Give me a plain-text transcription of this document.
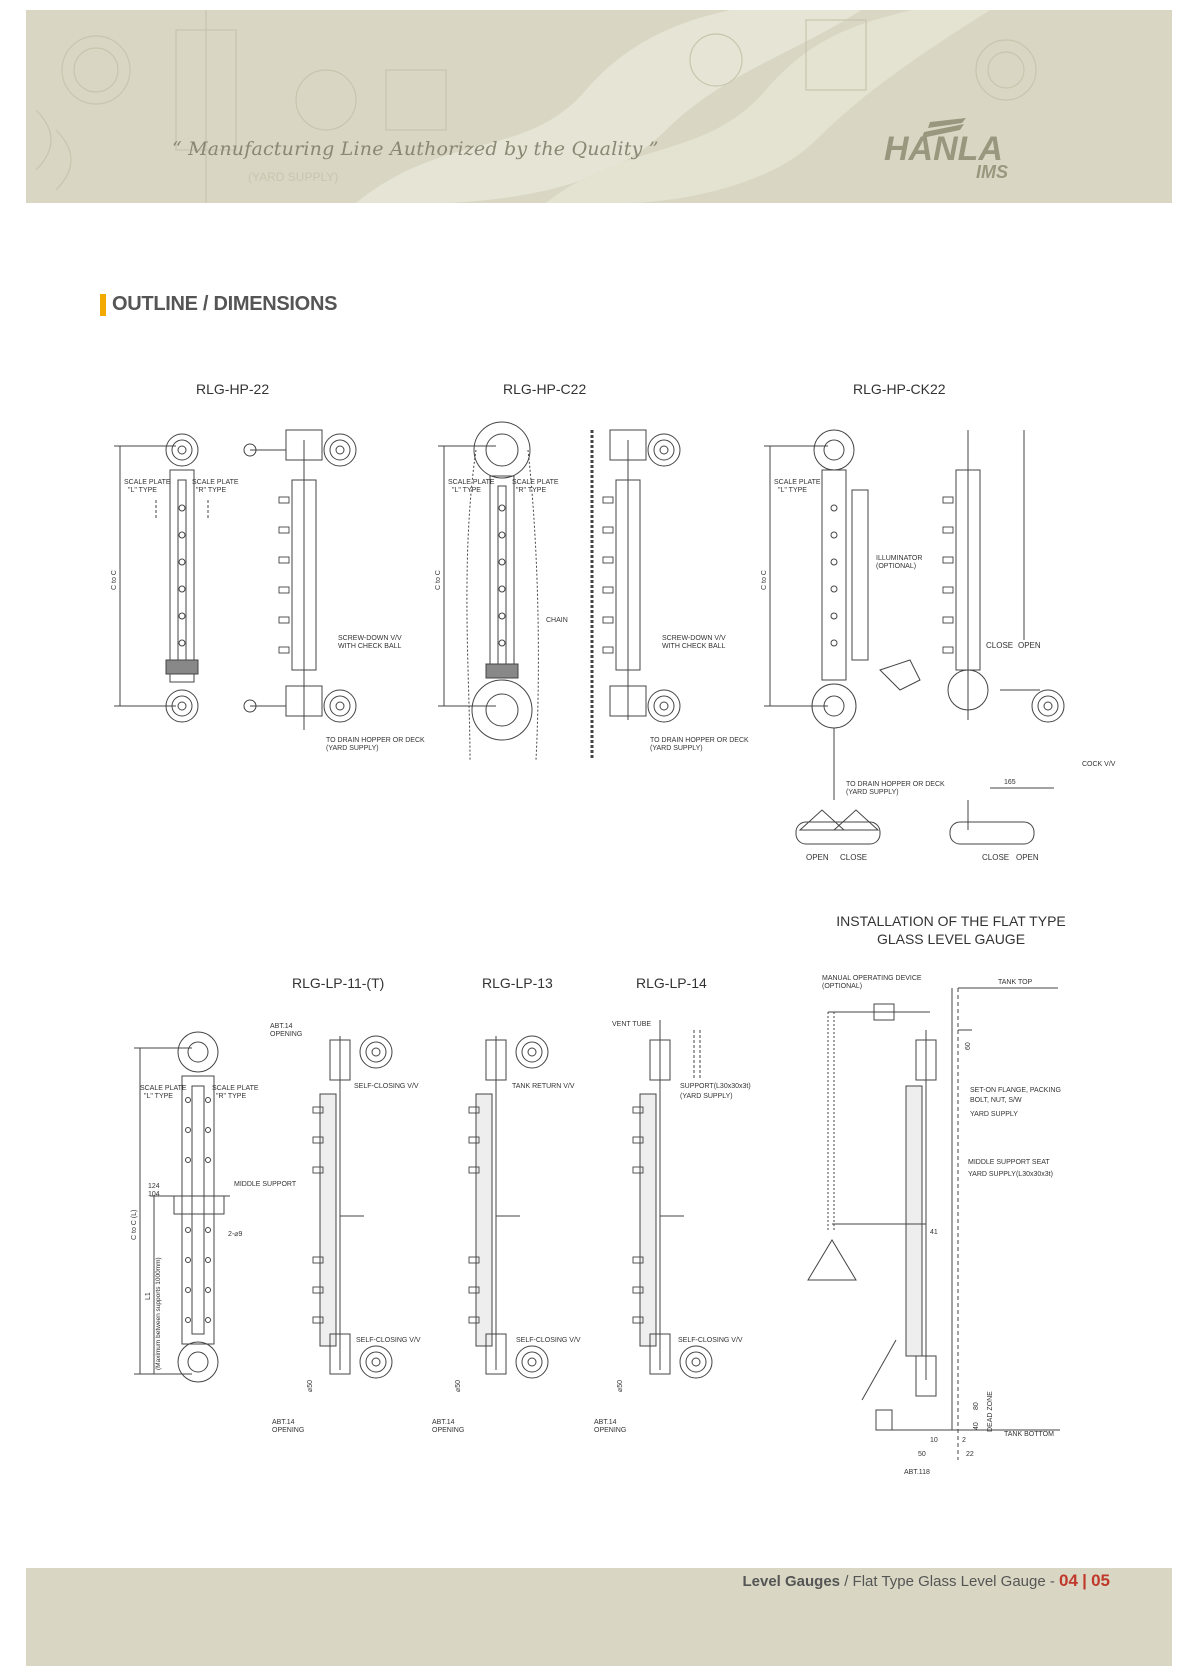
“ Manufacturing Line Authorized by the Quality ”
(YARD SUPPLY)
HANLA
IMS
OUTLINE / DIMENSIONS
RLG-HP-22	RLG-HP-C22	RLG-HP-CK22
SCALE PLATE
"L" TYPE
SCALE PLATE
"R" TYPE
C to C
SCREW-DOWN V/V
WITH CHECK BALL
TO DRAIN HOPPER OR DECK
(YARD SUPPLY)
SCALE PLATE
"L" TYPE
SCALE PLATE
"R" TYPE
C to C
CHAIN
SCREW-DOWN V/V
WITH CHECK BALL
TO DRAIN HOPPER OR DECK
(YARD SUPPLY)
SCALE PLATE
"L" TYPE
C to C
ILLUMINATOR
(OPTIONAL)
CLOSE OPEN
COCK V/V
165
TO DRAIN HOPPER OR DECK
(YARD SUPPLY)
OPEN CLOSE	CLOSE OPEN
INSTALLATION OF THE FLAT TYPE
GLASS LEVEL GAUGE
RLG-LP-11-(T)	RLG-LP-13	RLG-LP-14
SCALE PLATE
"L" TYPE
SCALE PLATE
"R" TYPE
124
104
MIDDLE SUPPORT
2-⌀9
C to C (L)
L1 (Maximum between supports 1000mm)
ABT.14
OPENING
SELF-CLOSING V/V
SELF-CLOSING V/V
⌀50
ABT.14
OPENING
TANK RETURN V/V
SELF-CLOSING V/V
⌀50
ABT.14
OPENING
VENT TUBE
SUPPORT(L30x30x3t)
(YARD SUPPLY)
SELF-CLOSING V/V
⌀50
ABT.14
OPENING
MANUAL OPERATING DEVICE
(OPTIONAL)
TANK TOP
60
SET-ON FLANGE, PACKING
BOLT, NUT, S/W
YARD SUPPLY
MIDDLE SUPPORT SEAT
YARD SUPPLY(L30x30x3t)
41
80
40 DEAD ZONE
TANK BOTTOM
10	2
50	22
ABT.118
Level Gauges / Flat Type Glass Level Gauge - 04 | 05
